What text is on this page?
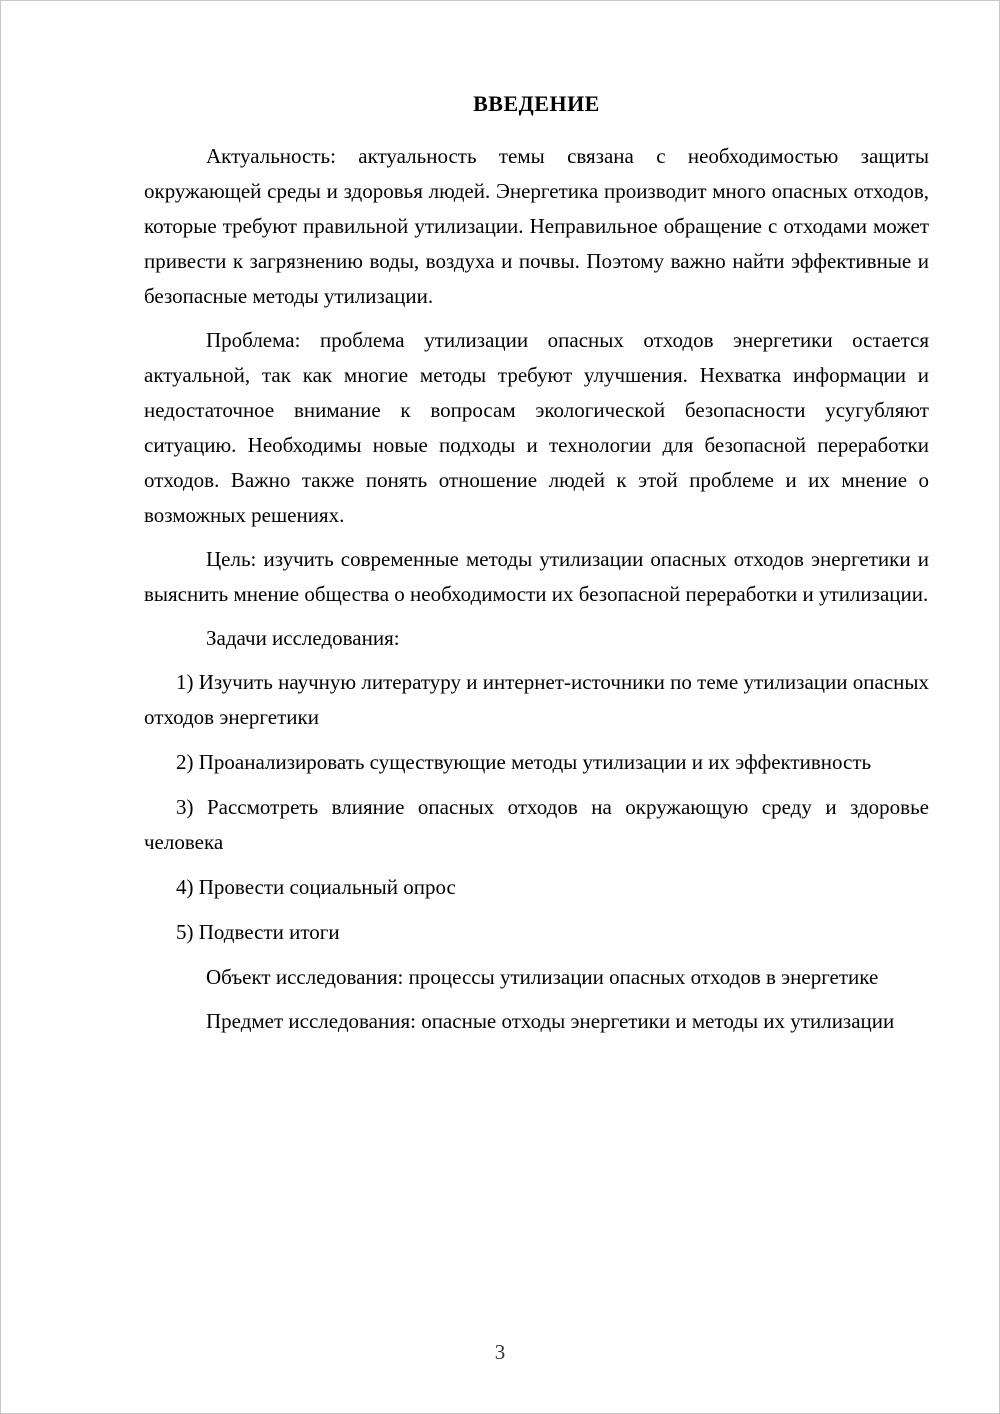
ВВЕДЕНИЕ

Актуальность: актуальность темы связана с необходимостью защиты окружающей среды и здоровья людей. Энергетика производит много опасных отходов, которые требуют правильной утилизации. Неправильное обращение с отходами может привести к загрязнению воды, воздуха и почвы. Поэтому важно найти эффективные и безопасные методы утилизации.

Проблема: проблема утилизации опасных отходов энергетики остается актуальной, так как многие методы требуют улучшения. Нехватка информации и недостаточное внимание к вопросам экологической безопасности усугубляют ситуацию. Необходимы новые подходы и технологии для безопасной переработки отходов. Важно также понять отношение людей к этой проблеме и их мнение о возможных решениях.

Цель: изучить современные методы утилизации опасных отходов энергетики и выяснить мнение общества о необходимости их безопасной переработки и утилизации.

Задачи исследования:

1) Изучить научную литературу и интернет-источники по теме утилизации опасных отходов энергетики

2) Проанализировать существующие методы утилизации и их эффективность

3) Рассмотреть влияние опасных отходов на окружающую среду и здоровье человека

4) Провести социальный опрос

5) Подвести итоги

Объект исследования: процессы утилизации опасных отходов в энергетике

Предмет исследования: опасные отходы энергетики и методы их утилизации

3
